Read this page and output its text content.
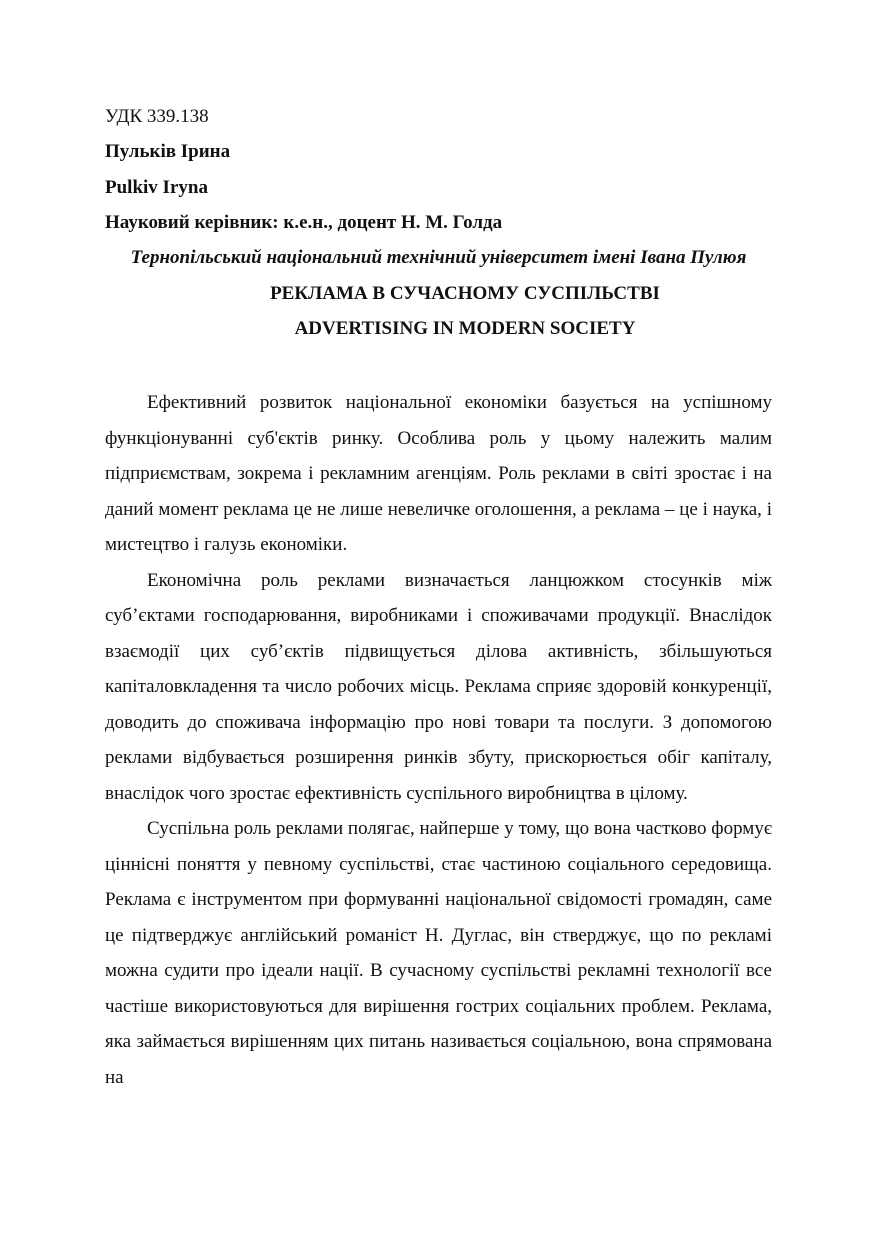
УДК 339.138
Пульків Ірина
Pulkiv Iryna
Науковий керівник: к.е.н., доцент Н. М. Голда
Тернопільський національний технічний університет імені Івана Пулюя
РЕКЛАМА В СУЧАСНОМУ СУСПІЛЬСТВІ
ADVERTISING IN MODERN SOCIETY

Ефективний розвиток національної економіки базується на успішному функціонуванні суб'єктів ринку. Особлива роль у цьому належить малим підприємствам, зокрема і рекламним агенціям. Роль реклами в світі зростає і на даний момент реклама це не лише невеличке оголошення, а реклама – це і наука, і мистецтво і галузь економіки.

Економічна роль реклами визначається ланцюжком стосунків між суб’єктами господарювання, виробниками і споживачами продукції. Внаслідок взаємодії цих суб’єктів підвищується ділова активність, збільшуються капіталовкладення та число робочих місць. Реклама сприяє здоровій конкуренції, доводить до споживача інформацію про нові товари та послуги. З допомогою реклами відбувається розширення ринків збуту, прискорюється обіг капіталу, внаслідок чого зростає ефективність суспільного виробництва в цілому.

Суспільна роль реклами полягає, найперше у тому, що вона частково формує ціннісні поняття у певному суспільстві, стає частиною соціального середовища. Реклама є інструментом при формуванні національної свідомості громадян, саме це підтверджує англійський романіст Н. Дуглас, він стверджує, що по рекламі можна судити про ідеали нації. В сучасному суспільстві рекламні технології все частіше використовуються для вирішення гострих соціальних проблем. Реклама, яка займається вирішенням цих питань називається соціальною, вона спрямована на
